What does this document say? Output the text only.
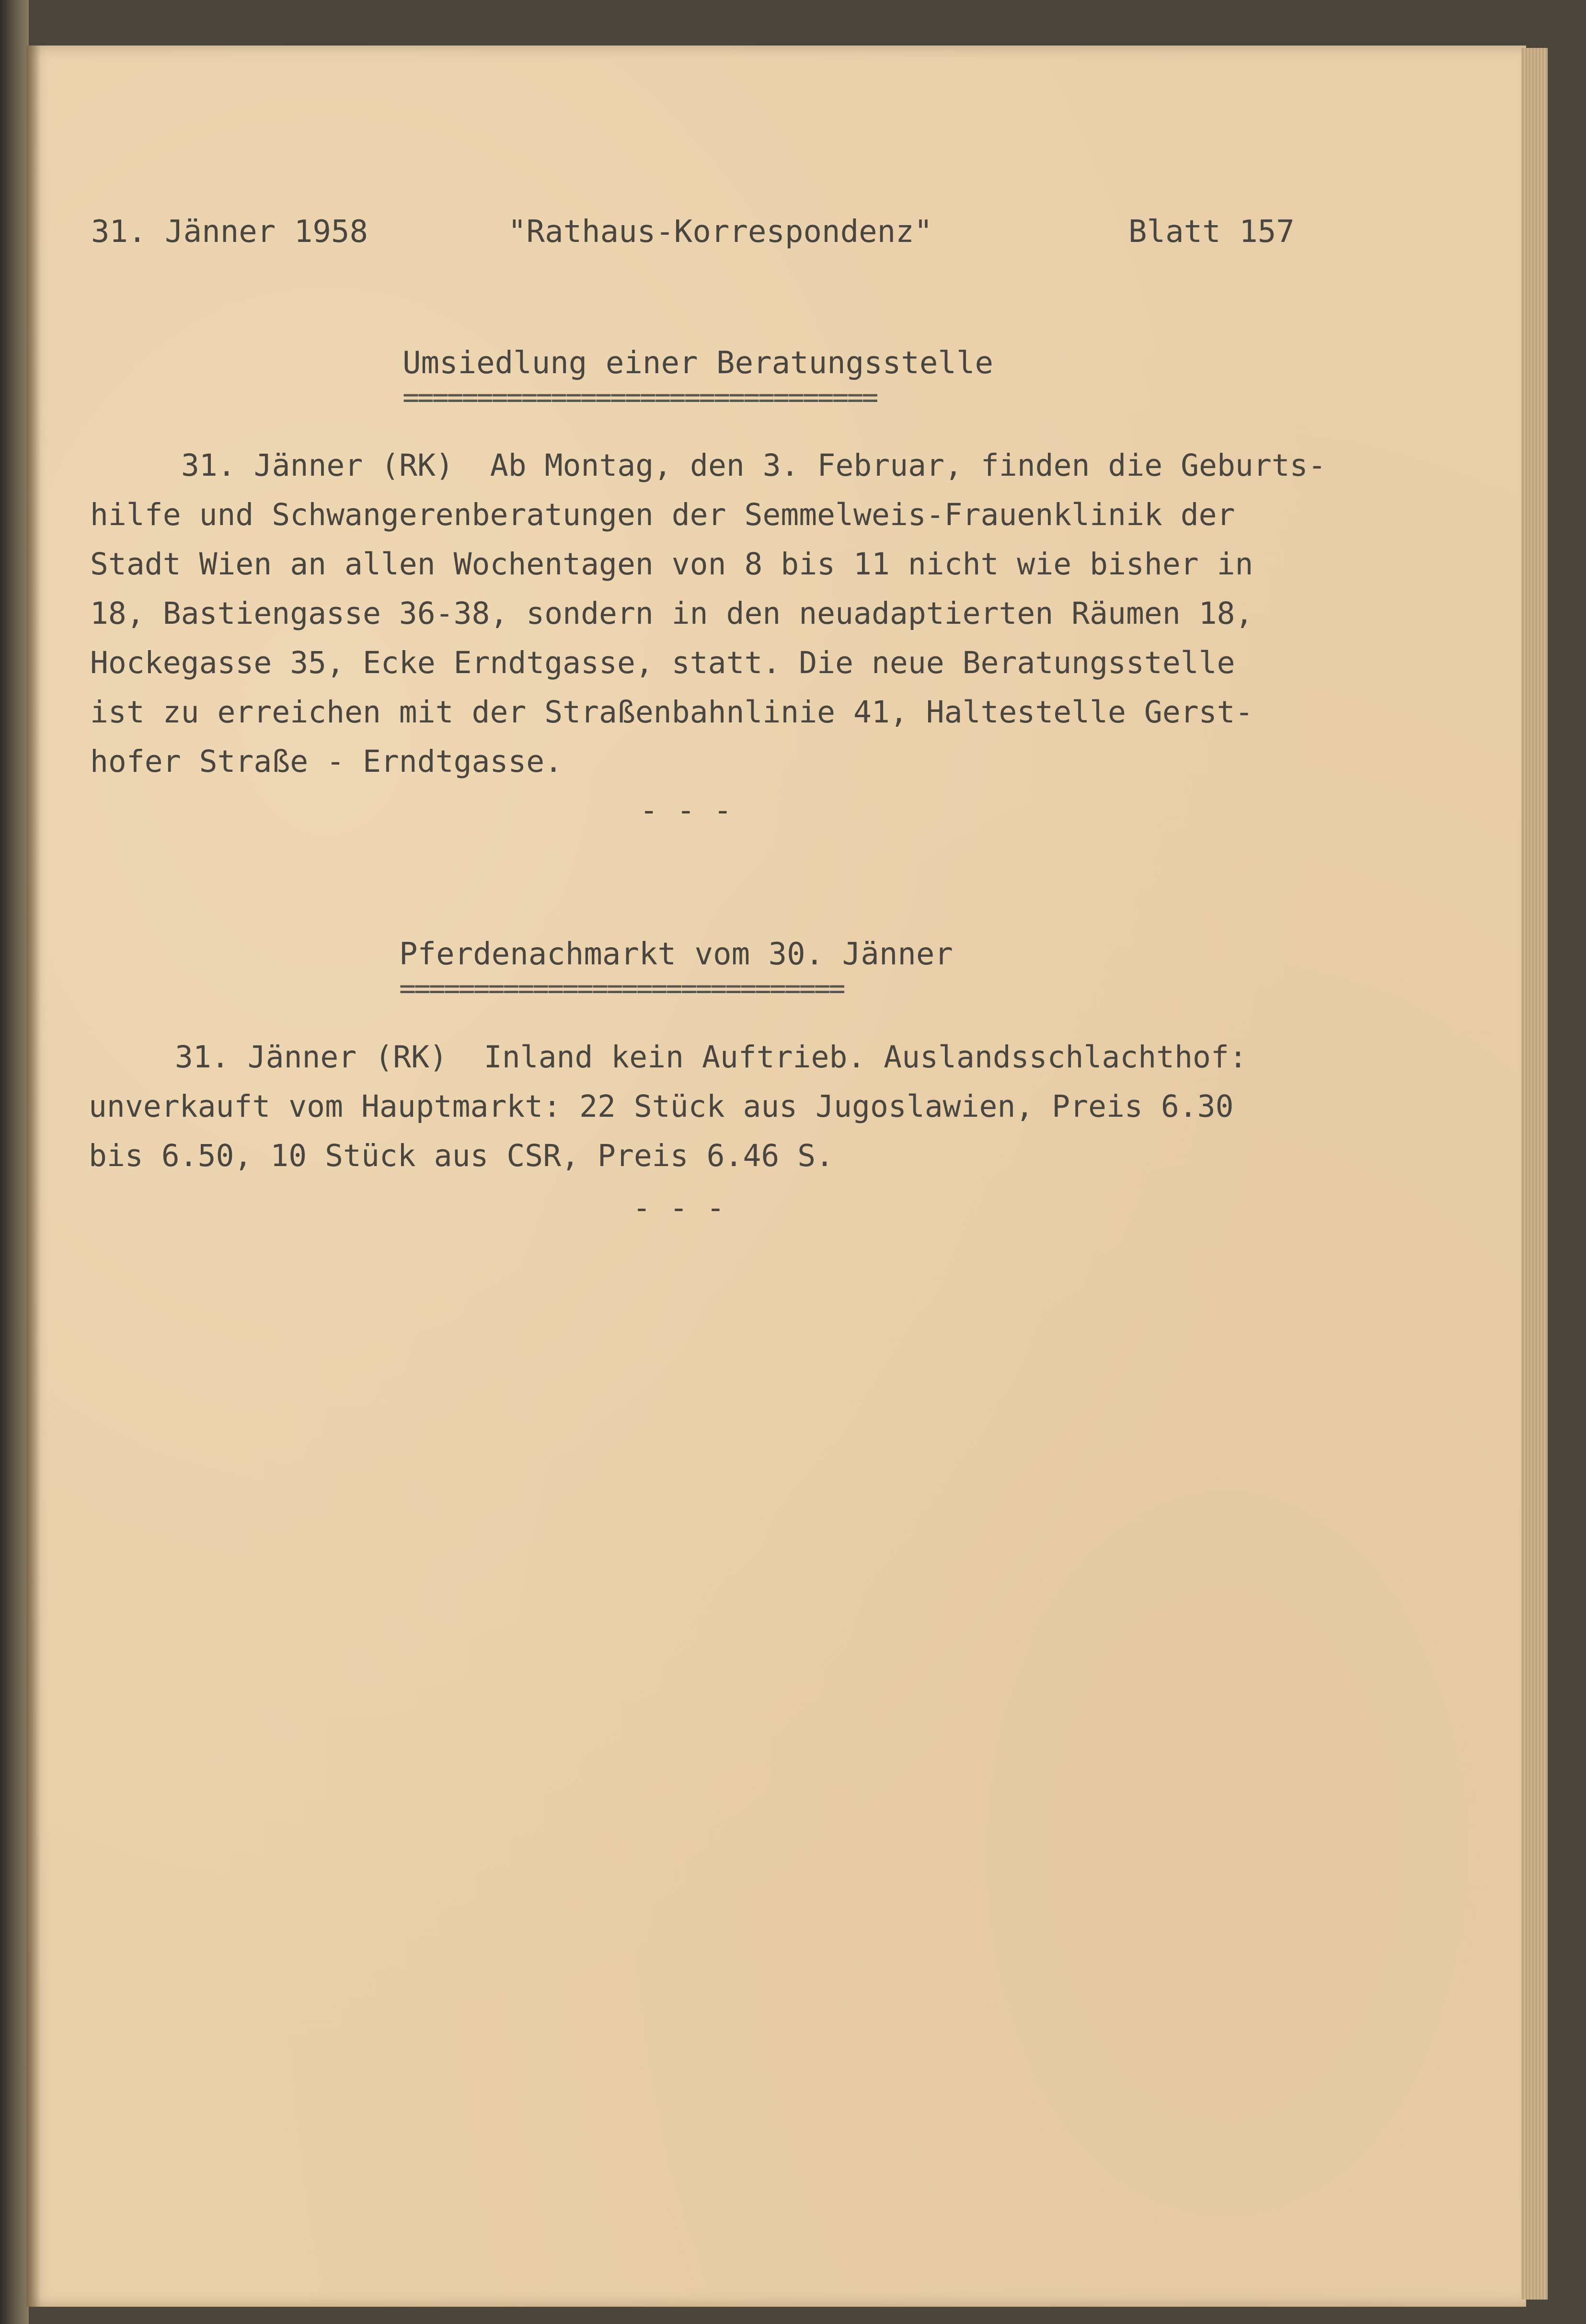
31. Jänner 1958	"Rathaus-Korrespondenz"	Blatt 157
Umsiedlung einer Beratungsstelle
================================
31. Jänner (RK)  Ab Montag, den 3. Februar, finden die Geburts-
hilfe und Schwangerenberatungen der Semmelweis-Frauenklinik der
Stadt Wien an allen Wochentagen von 8 bis 11 nicht wie bisher in
18, Bastiengasse 36-38, sondern in den neuadaptierten Räumen 18,
Hockegasse 35, Ecke Erndtgasse, statt. Die neue Beratungsstelle
ist zu erreichen mit der Straßenbahnlinie 41, Haltestelle Gerst-
hofer Straße - Erndtgasse.
- - -
Pferdenachmarkt vom 30. Jänner
==============================
31. Jänner (RK)  Inland kein Auftrieb. Auslandsschlachthof:
unverkauft vom Hauptmarkt: 22 Stück aus Jugoslawien, Preis 6.30
bis 6.50, 10 Stück aus CSR, Preis 6.46 S.
- - -
